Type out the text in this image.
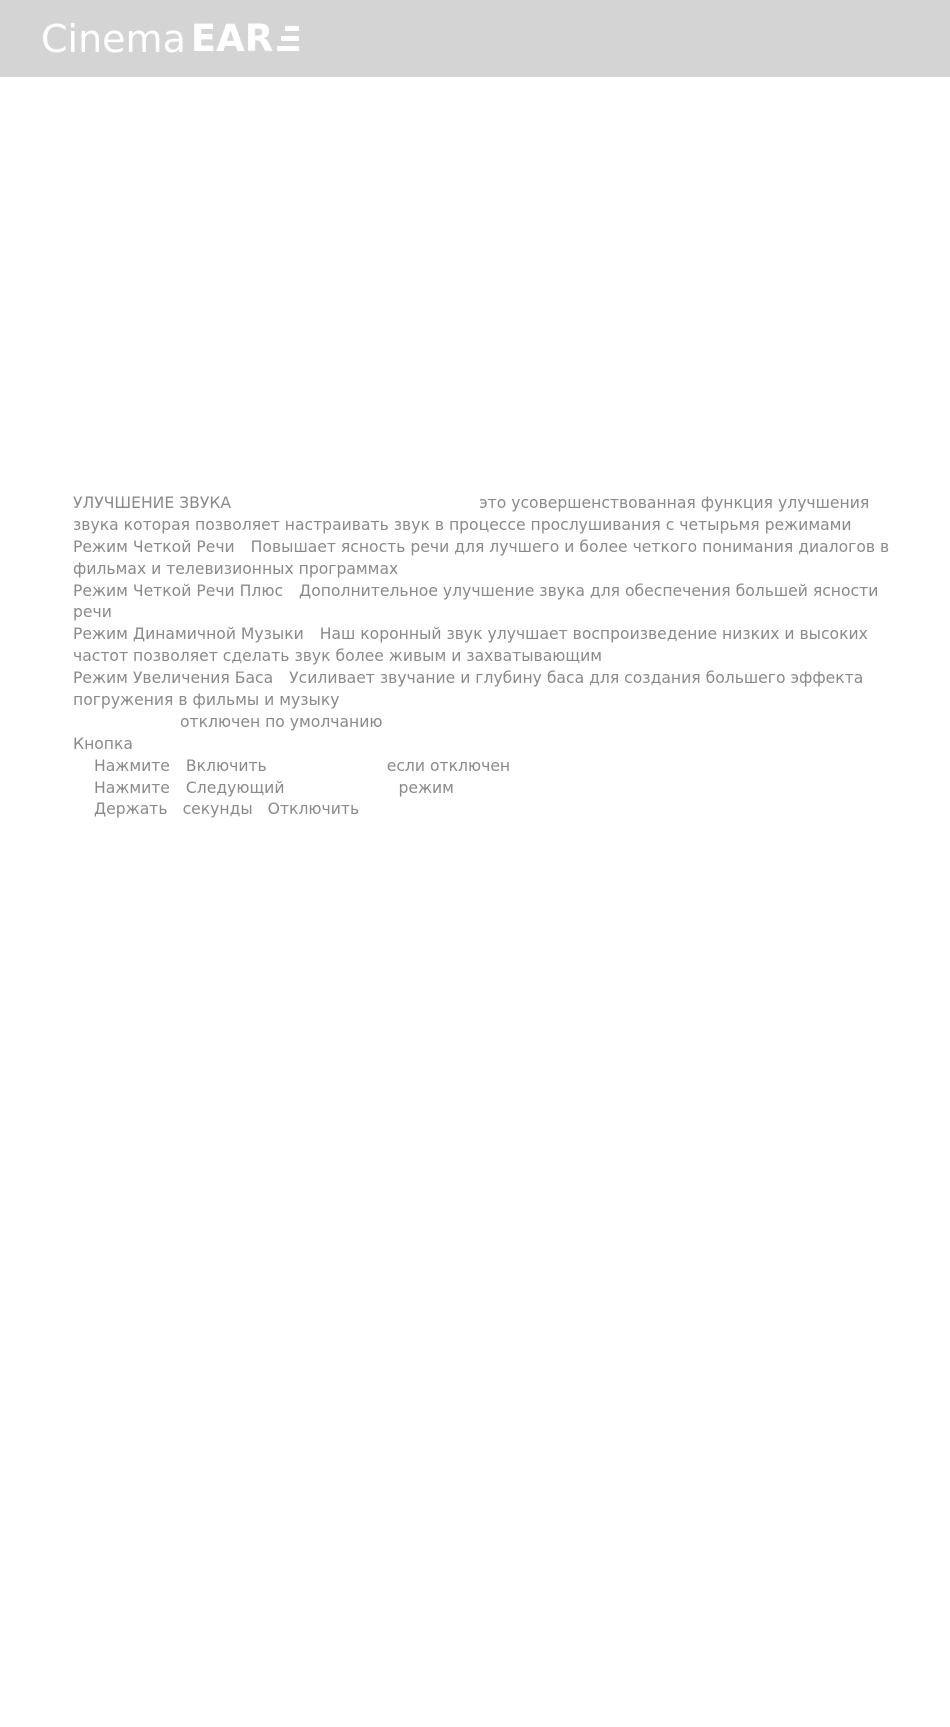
Cinema EAR
УЛУЧШЕНИЕ ЗВУКА	это усовершенствованная функция улучшения
звука которая позволяет настраивать звук в процессе прослушивания с четырьмя режимами
Режим Четкой Речи Повышает ясность речи для лучшего и более четкого понимания диалогов в
фильмах и телевизионных программах
Режим Четкой Речи Плюс Дополнительное улучшение звука для обеспечения большей ясности
речи
Режим Динамичной Музыки Наш коронный звук улучшает воспроизведение низких и высоких
частот позволяет сделать звук более живым и захватывающим
Режим Увеличения Баса Усиливает звучание и глубину баса для создания большего эффекта
погружения в фильмы и музыку
отключен по умолчанию
Кнопка
Нажмите Включить	если отключен
Нажмите Следующий	режим
Держать секунды Отключить
